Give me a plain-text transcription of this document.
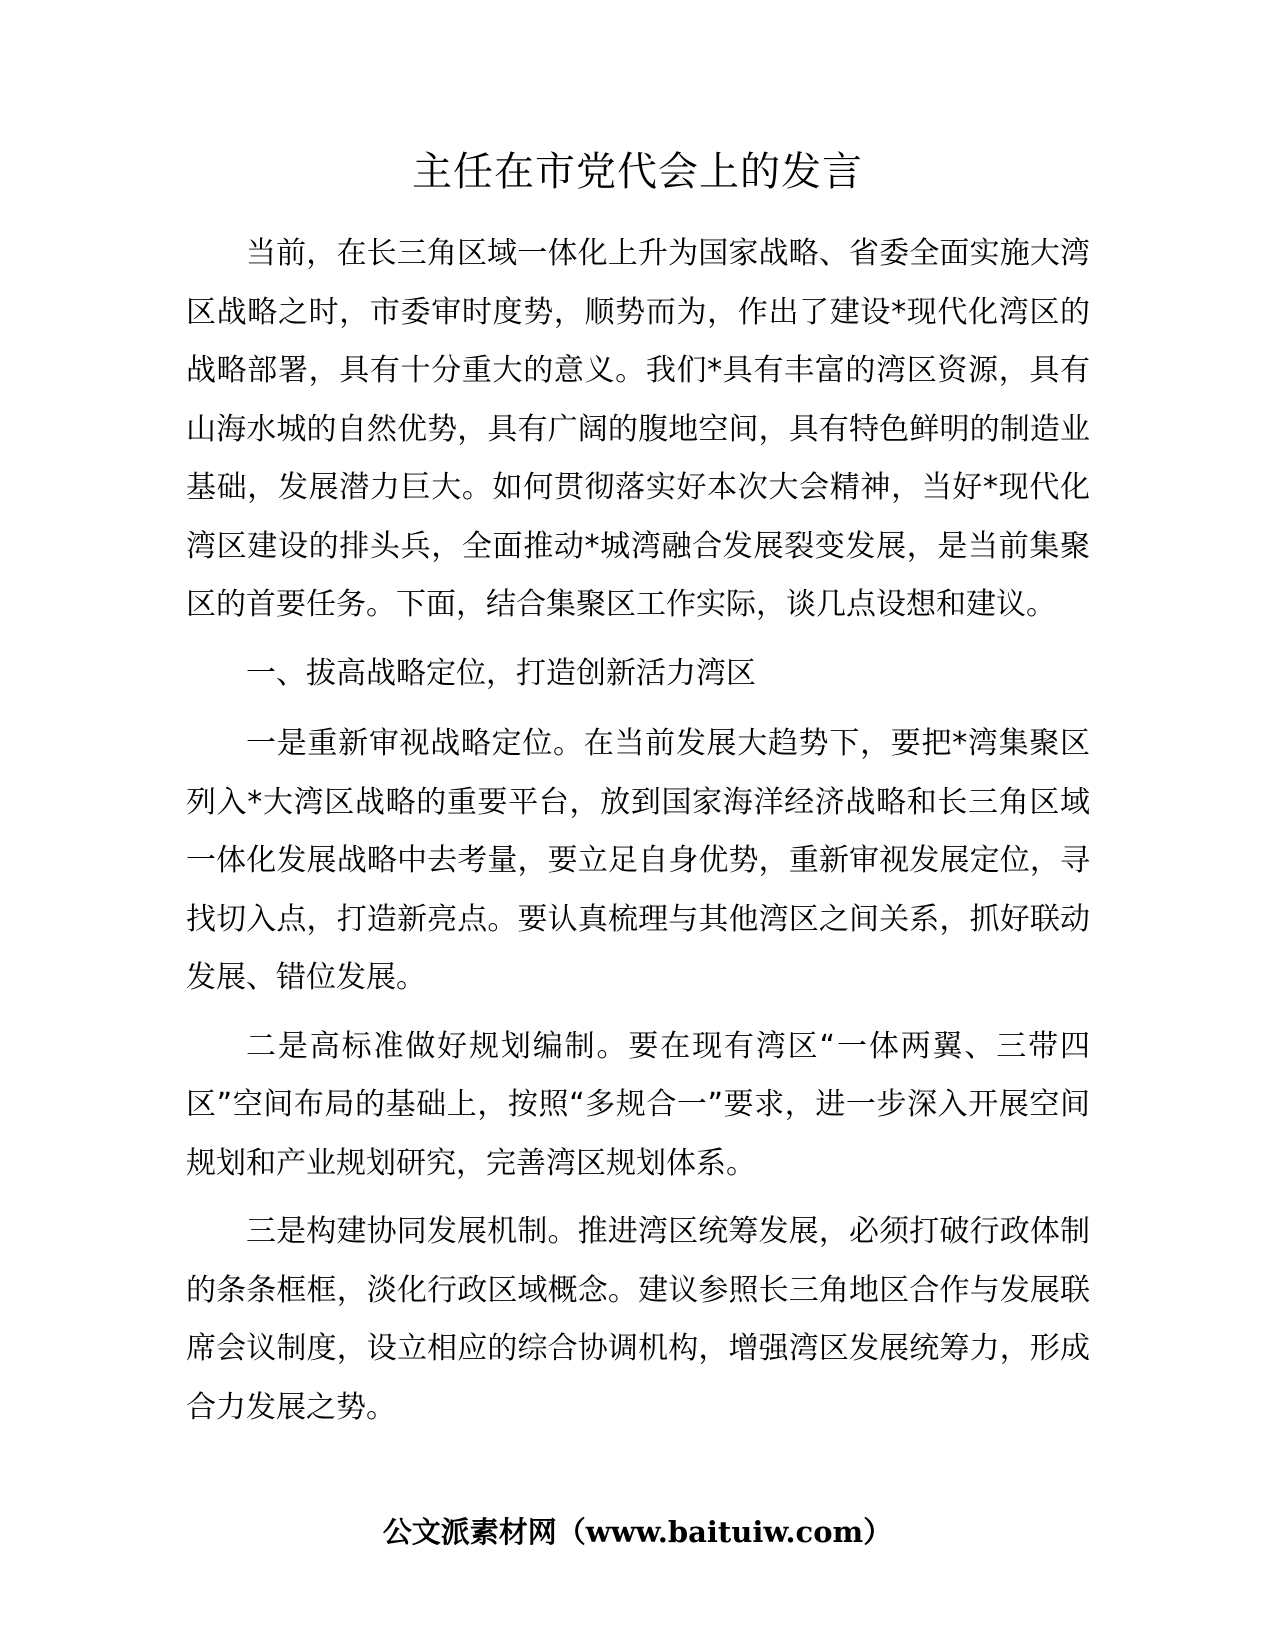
主任在市党代会上的发言

当前，在长三角区域一体化上升为国家战略、省委全面实施大湾区战略之时，市委审时度势，顺势而为，作出了建设*现代化湾区的战略部署，具有十分重大的意义。我们*具有丰富的湾区资源，具有山海水城的自然优势，具有广阔的腹地空间，具有特色鲜明的制造业基础，发展潜力巨大。如何贯彻落实好本次大会精神，当好*现代化湾区建设的排头兵，全面推动*城湾融合发展裂变发展，是当前集聚区的首要任务。下面，结合集聚区工作实际，谈几点设想和建议。

一、拔高战略定位，打造创新活力湾区

一是重新审视战略定位。在当前发展大趋势下，要把*湾集聚区列入*大湾区战略的重要平台，放到国家海洋经济战略和长三角区域一体化发展战略中去考量，要立足自身优势，重新审视发展定位，寻找切入点，打造新亮点。要认真梳理与其他湾区之间关系，抓好联动发展、错位发展。

二是高标准做好规划编制。要在现有湾区“一体两翼、三带四区”空间布局的基础上，按照“多规合一”要求，进一步深入开展空间规划和产业规划研究，完善湾区规划体系。

三是构建协同发展机制。推进湾区统筹发展，必须打破行政体制的条条框框，淡化行政区域概念。建议参照长三角地区合作与发展联席会议制度，设立相应的综合协调机构，增强湾区发展统筹力，形成合力发展之势。

公文派素材网（www.baituiw.com）
